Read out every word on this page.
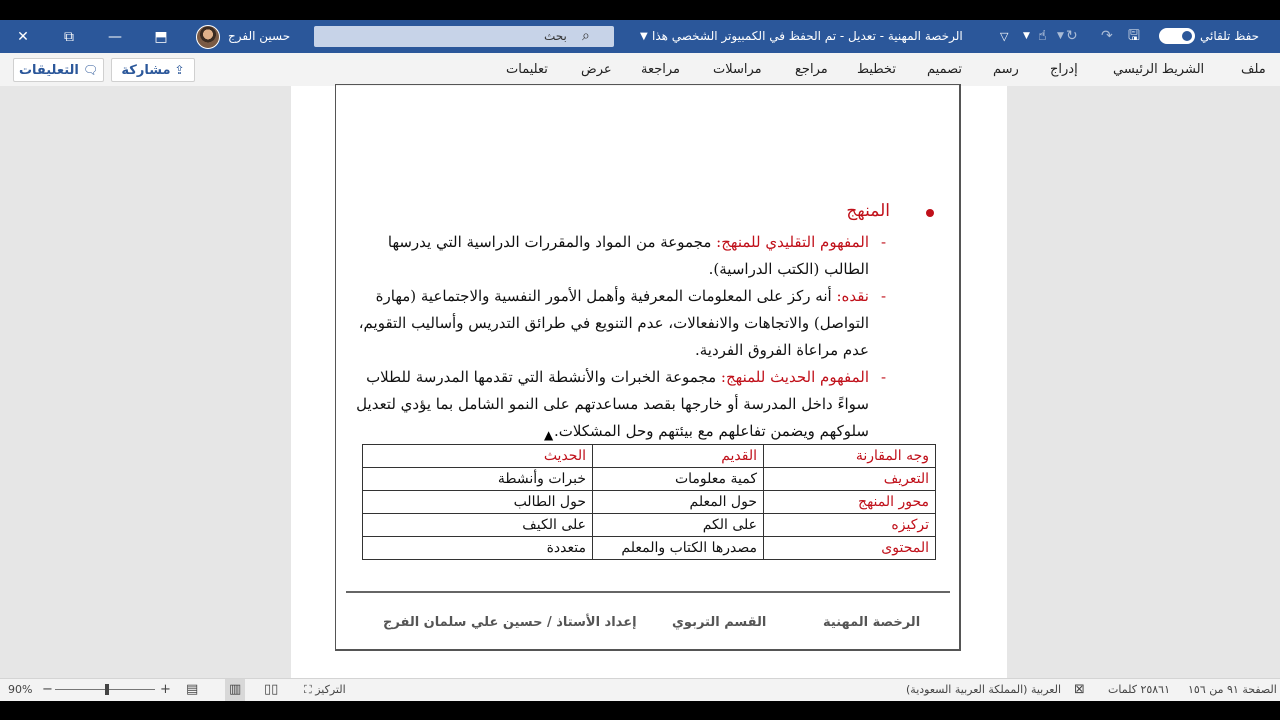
✕	⧉	—	⬒	حسين الفرج	بحث ⌕	▼ الرخصة المهنية - تعديل - تم الحفظ في الكمبيوتر الشخصي هذا	▽ ▼ ☝ ▼ ↻ ↷ 🖫	حفظ تلقائي
🗨
التعليقات	⇪
مشاركة	تعليمات	عرض مراجعة	مراسلات	مراجع تخطيط تصميم رسم إدراج	الشريط الرئيسي	ملف
المنهج
-
المفهوم التقليدي للمنهج: مجموعة من المواد والمقررات الدراسية التي يدرسها
الطالب (الكتب الدراسية).
-
نقده: أنه ركز على المعلومات المعرفية وأهمل الأمور النفسية والاجتماعية (مهارة
التواصل) والاتجاهات والانفعالات، عدم التنويع في طرائق التدريس وأساليب التقويم،
عدم مراعاة الفروق الفردية.
-
المفهوم الحديث للمنهج: مجموعة الخبرات والأنشطة التي تقدمها المدرسة للطلاب
سواءً داخل المدرسة أو خارجها بقصد مساعدتهم على النمو الشامل بما يؤدي لتعديل
سلوكهم ويضمن تفاعلهم مع بيئتهم وحل المشكلات.
وجه المقارنة	القديم	الحديث
التعريف	كمية معلومات	خبرات وأنشطة
محور المنهج	حول المعلم	حول الطالب
تركيزه	على الكم	على الكيف
المحتوى	مصدرها الكتاب والمعلم	متعددة
إعداد الأستاذ / حسين علي سلمان الفرج	القسم التربوي	الرخصة المهنية
▲
90% −	+ ▤	▥	▯▯	التركيز ⛶	العربية (المملكة العربية السعودية) ⊠ ٢٥٨٦١ كلمات الصفحة ٩١ من ١٥٦
